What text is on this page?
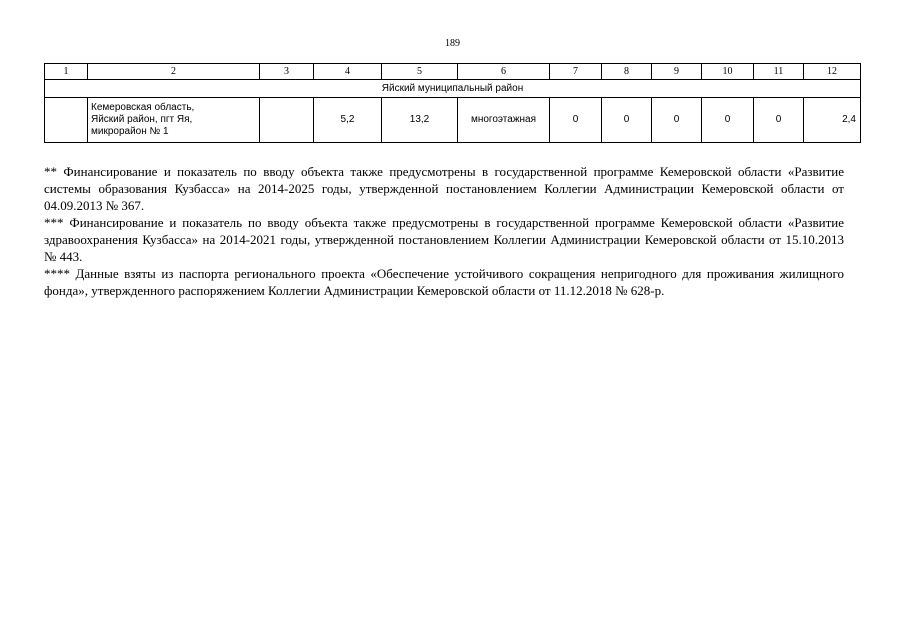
189
1	2	3	4	5	6	7	8	9	10	11	12
Яйский муниципальный район											
	Кемеровская область,
Яйский район, пгт Яя,
микрорайон № 1		5,2	13,2	многоэтажная	0	0	0	0	0	2,4

** Финансирование и показатель по вводу объекта также предусмотрены в государственной программе Кемеровской области «Развитие системы образования Кузбасса» на 2014-2025 годы, утвержденной постановлением Коллегии Администрации Кемеровской области от 04.09.2013 № 367.

*** Финансирование и показатель по вводу объекта также предусмотрены в государственной программе Кемеровской области «Развитие здравоохранения Кузбасса» на 2014-2021 годы, утвержденной постановлением Коллегии Администрации Кемеровской области от 15.10.2013 № 443.

**** Данные взяты из паспорта регионального проекта «Обеспечение устойчивого сокращения непригодного для проживания жилищного фонда», утвержденного распоряжением Коллегии Администрации Кемеровской области от 11.12.2018 № 628-р.
